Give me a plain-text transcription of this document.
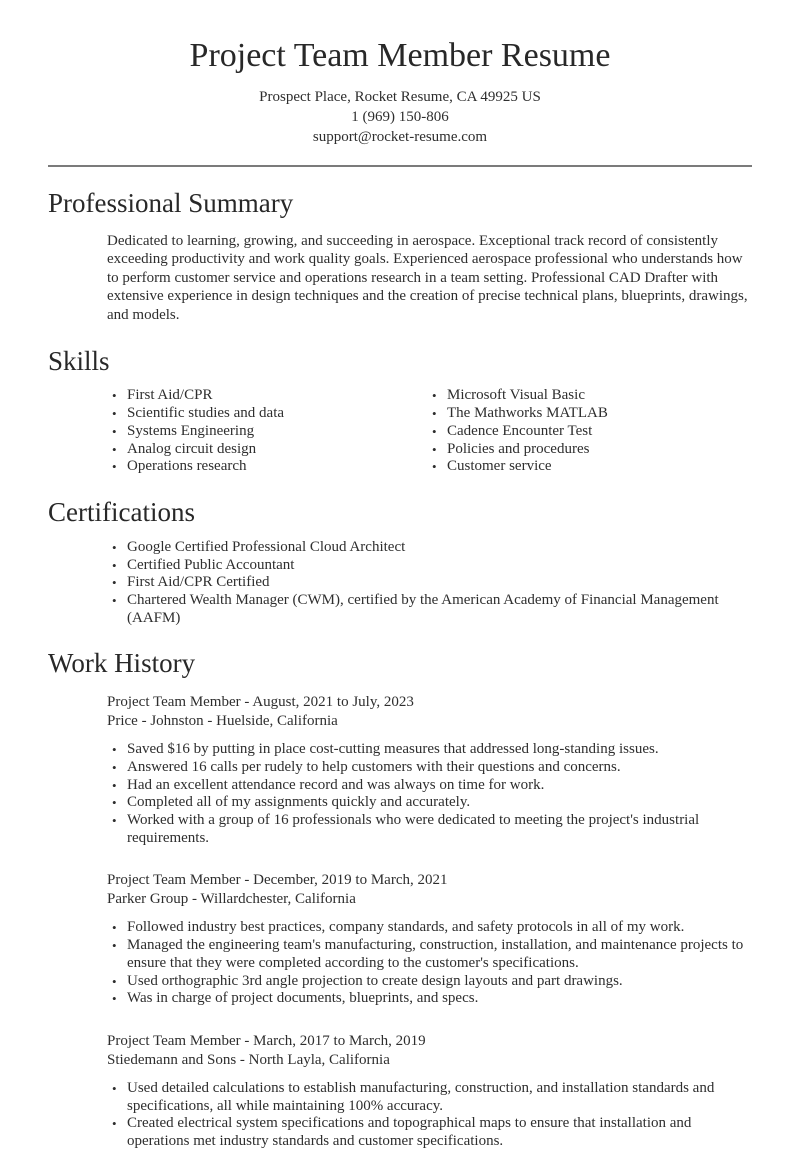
Project Team Member Resume
Prospect Place, Rocket Resume, CA 49925 US
1 (969) 150-806
support@rocket-resume.com
Professional Summary

Dedicated to learning, growing, and succeeding in aerospace. Exceptional track record of consistently exceeding productivity and work quality goals. Experienced aerospace professional who understands how to perform customer service and operations research in a team setting. Professional CAD Drafter with extensive experience in design techniques and the creation of precise technical plans, blueprints, drawings, and models.

Skills
• First Aid/CPR
• Scientific studies and data
• Systems Engineering
• Analog circuit design
• Operations research
• Microsoft Visual Basic
• The Mathworks MATLAB
• Cadence Encounter Test
• Policies and procedures
• Customer service
Certifications
• Google Certified Professional Cloud Architect
• Certified Public Accountant
• First Aid/CPR Certified
• Chartered Wealth Manager (CWM), certified by the American Academy of Financial Management (AAFM)
Work History
Project Team Member - August, 2021 to July, 2023
Price - Johnston - Huelside, California
• Saved $16 by putting in place cost-cutting measures that addressed long-standing issues.
• Answered 16 calls per rudely to help customers with their questions and concerns.
• Had an excellent attendance record and was always on time for work.
• Completed all of my assignments quickly and accurately.
• Worked with a group of 16 professionals who were dedicated to meeting the project's industrial requirements.
Project Team Member - December, 2019 to March, 2021
Parker Group - Willardchester, California
• Followed industry best practices, company standards, and safety protocols in all of my work.
• Managed the engineering team's manufacturing, construction, installation, and maintenance projects to ensure that they were completed according to the customer's specifications.
• Used orthographic 3rd angle projection to create design layouts and part drawings.
• Was in charge of project documents, blueprints, and specs.
Project Team Member - March, 2017 to March, 2019
Stiedemann and Sons - North Layla, California
• Used detailed calculations to establish manufacturing, construction, and installation standards and specifications, all while maintaining 100% accuracy.
• Created electrical system specifications and topographical maps to ensure that installation and operations met industry standards and customer specifications.
